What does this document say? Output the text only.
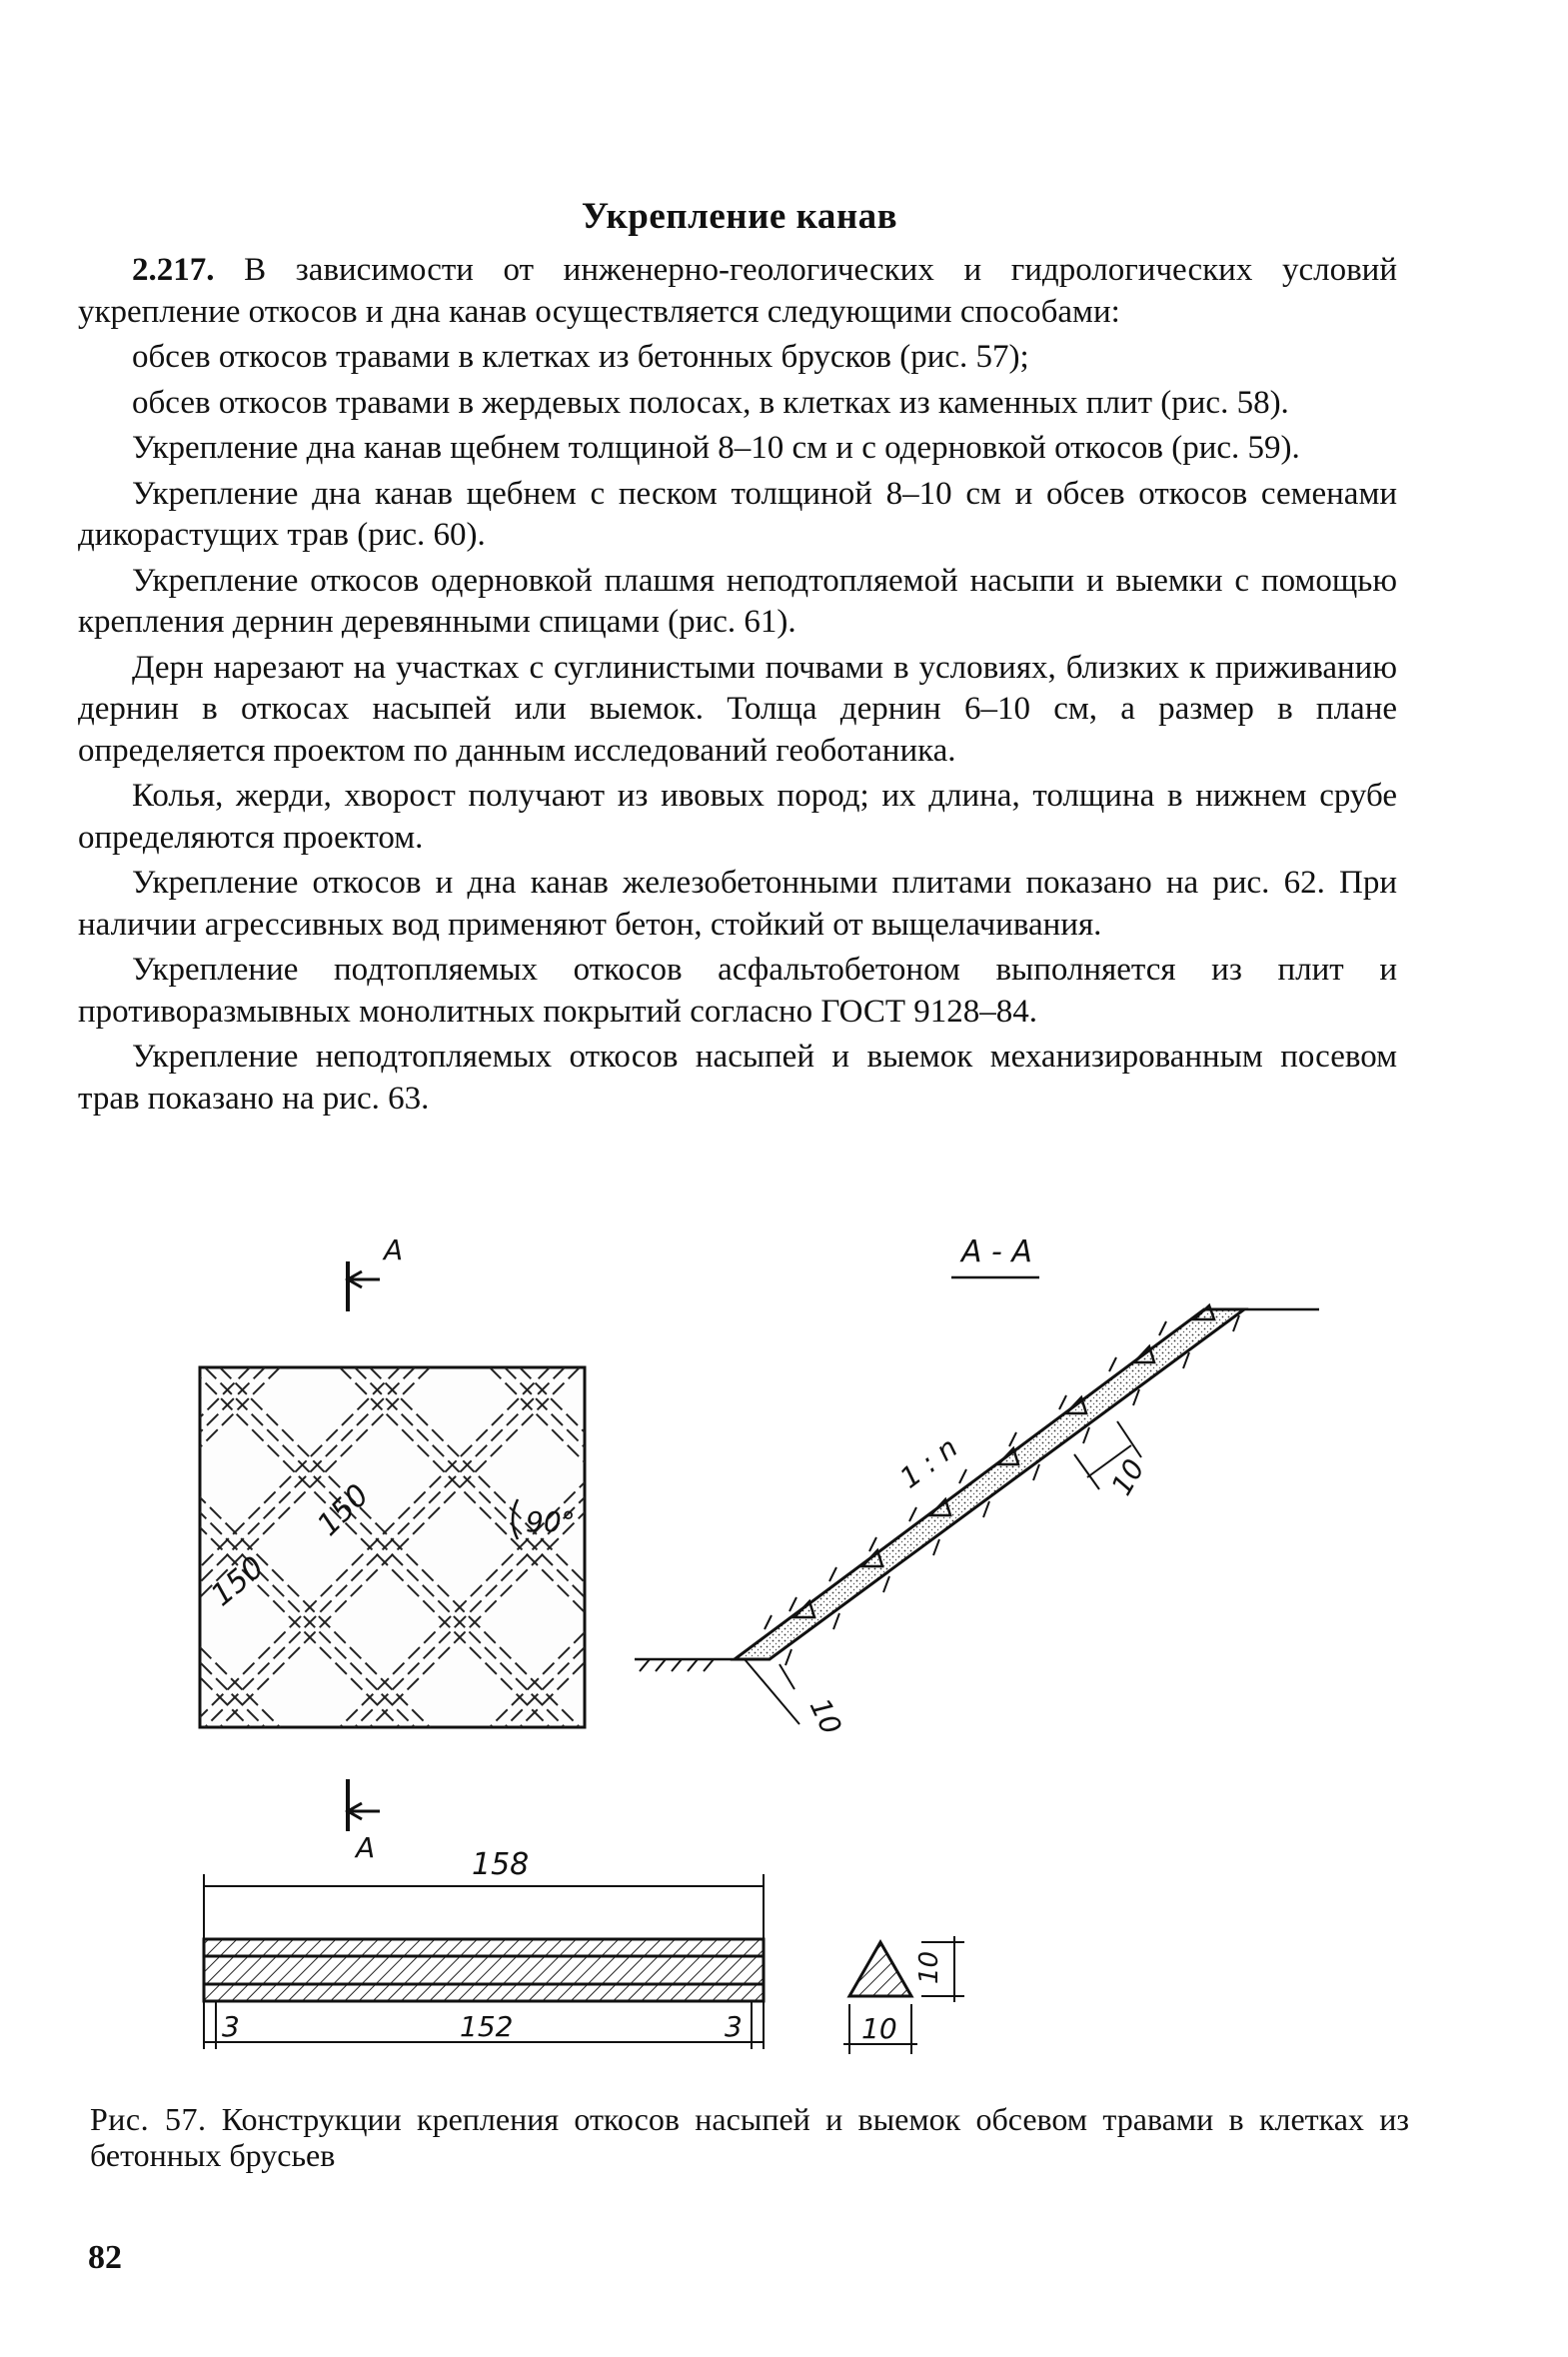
Укрепление канав

2.217. В зависимости от инженерно-геологических и гидрологических условий укрепление откосов и дна канав осуществляется следующими способами:

обсев откосов травами в клетках из бетонных брусков (рис. 57);

обсев откосов травами в жердевых полосах, в клетках из каменных плит (рис. 58).

Укрепление дна канав щебнем толщиной 8–10 см и с одерновкой откосов (рис. 59).

Укрепление дна канав щебнем с песком толщиной 8–10 см и обсев откосов семенами дикорастущих трав (рис. 60).

Укрепление откосов одерновкой плашмя неподтопляемой насыпи и выемки с помощью крепления дернин деревянными спицами (рис. 61).

Дерн нарезают на участках с суглинистыми почвами в условиях, близких к приживанию дернин в откосах насыпей или выемок. Толща дернин 6–10 см, а размер в плане определяется проектом по данным исследований геоботаника.

Колья, жерди, хворост получают из ивовых пород; их длина, толщина в нижнем срубе определяются проектом.

Укрепление откосов и дна канав железобетонными плитами показано на рис. 62. При наличии агрессивных вод применяют бетон, стойкий от выщелачивания.

Укрепление подтопляемых откосов асфальтобетоном выполняется из плит и противоразмывных монолитных покрытий согласно ГОСТ 9128–84.

Укрепление неподтопляемых откосов насыпей и выемок механизированным посевом трав показано на рис. 63.

A
150
150	90°
A
A - A
1 : n	10
10
158
3	152	3
10
10
Рис. 57. Конструкции крепления откосов насыпей и выемок обсевом травами в клетках из бетонных брусьев
82
